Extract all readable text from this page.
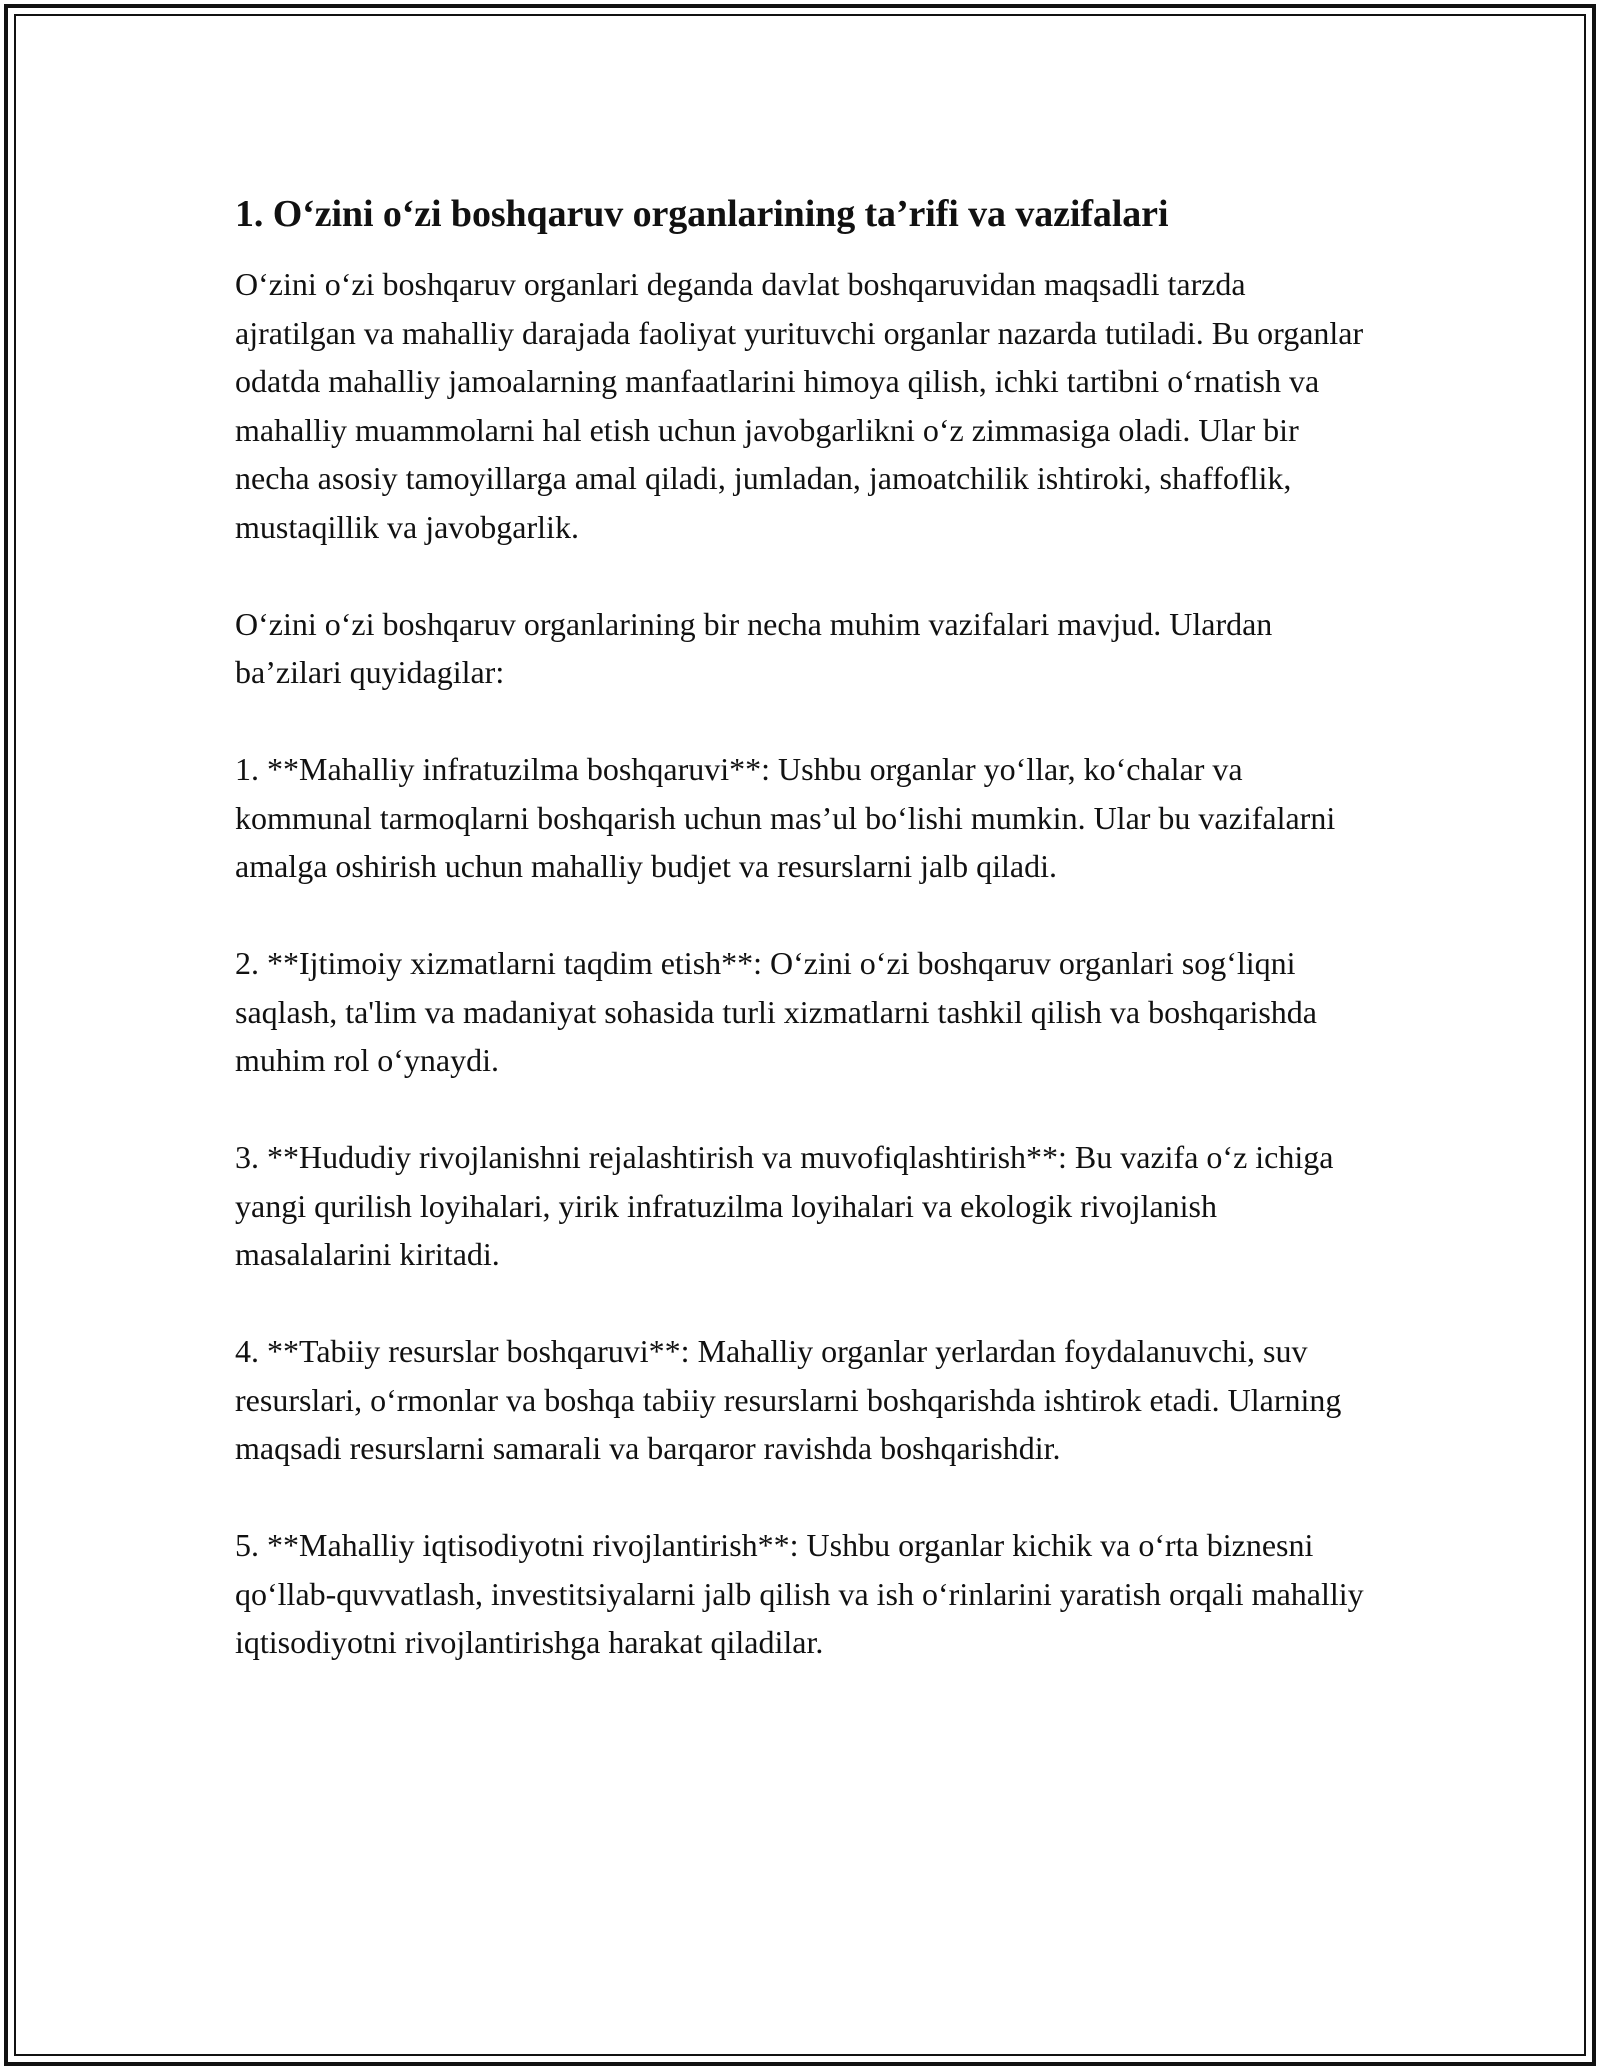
1. O‘zini o‘zi boshqaruv organlarining ta’rifi va vazifalari

O‘zini o‘zi boshqaruv organlari deganda davlat boshqaruvidan maqsadli tarzda ajratilgan va mahalliy darajada faoliyat yurituvchi organlar nazarda tutiladi. Bu organlar odatda mahalliy jamoalarning manfaatlarini himoya qilish, ichki tartibni o‘rnatish va mahalliy muammolarni hal etish uchun javobgarlikni o‘z zimmasiga oladi. Ular bir necha asosiy tamoyillarga amal qiladi, jumladan, jamoatchilik ishtiroki, shaffoflik, mustaqillik va javobgarlik.

O‘zini o‘zi boshqaruv organlarining bir necha muhim vazifalari mavjud. Ulardan ba’zilari quyidagilar:

1. **Mahalliy infratuzilma boshqaruvi**: Ushbu organlar yo‘llar, ko‘chalar va kommunal tarmoqlarni boshqarish uchun mas’ul bo‘lishi mumkin. Ular bu vazifalarni amalga oshirish uchun mahalliy budjet va resurslarni jalb qiladi.

2. **Ijtimoiy xizmatlarni taqdim etish**: O‘zini o‘zi boshqaruv organlari sog‘liqni saqlash, ta'lim va madaniyat sohasida turli xizmatlarni tashkil qilish va boshqarishda muhim rol o‘ynaydi.

3. **Hududiy rivojlanishni rejalashtirish va muvofiqlashtirish**: Bu vazifa o‘z ichiga yangi qurilish loyihalari, yirik infratuzilma loyihalari va ekologik rivojlanish masalalarini kiritadi.

4. **Tabiiy resurslar boshqaruvi**: Mahalliy organlar yerlardan foydalanuvchi, suv resurslari, o‘rmonlar va boshqa tabiiy resurslarni boshqarishda ishtirok etadi. Ularning maqsadi resurslarni samarali va barqaror ravishda boshqarishdir.

5. **Mahalliy iqtisodiyotni rivojlantirish**: Ushbu organlar kichik va o‘rta biznesni qo‘llab-quvvatlash, investitsiyalarni jalb qilish va ish o‘rinlarini yaratish orqali mahalliy iqtisodiyotni rivojlantirishga harakat qiladilar.
